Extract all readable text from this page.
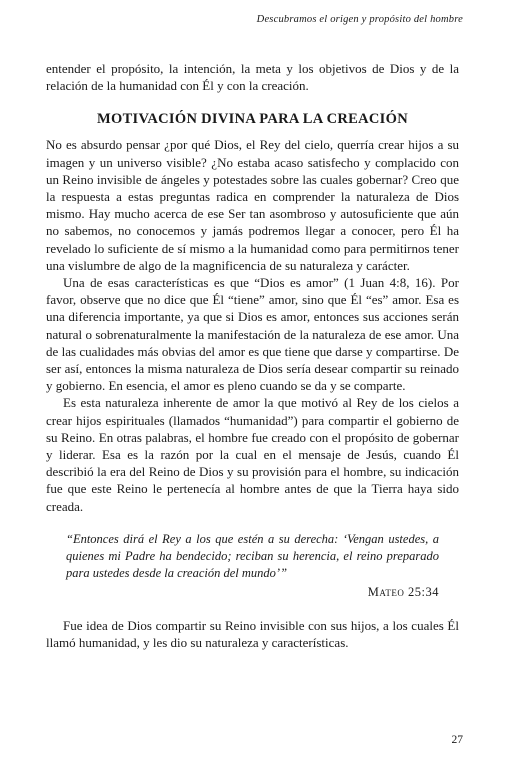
Descubramos el origen y propósito del hombre

entender el propósito, la intención, la meta y los objetivos de Dios y de la relación de la humanidad con Él y con la creación.

MOTIVACIÓN DIVINA PARA LA CREACIÓN

No es absurdo pensar ¿por qué Dios, el Rey del cielo, querría crear hijos a su imagen y un universo visible? ¿No estaba acaso satisfecho y complacido con un Reino invisible de ángeles y potestades sobre las cuales gobernar? Creo que la respuesta a estas preguntas radica en comprender la naturaleza de Dios mismo. Hay mucho acerca de ese Ser tan asombroso y autosuficiente que aún no sabemos, no conocemos y jamás podremos llegar a conocer, pero Él ha revelado lo suficiente de sí mismo a la humanidad como para permitirnos tener una vislumbre de algo de la magnificencia de su naturaleza y carácter.

Una de esas características es que “Dios es amor” (1 Juan 4:8, 16). Por favor, observe que no dice que Él “tiene” amor, sino que Él “es” amor. Esa es una diferencia importante, ya que si Dios es amor, entonces sus acciones serán natural o sobrenaturalmente la manifestación de la naturaleza de ese amor. Una de las cualidades más obvias del amor es que tiene que darse y compartirse. De ser así, entonces la misma naturaleza de Dios sería desear compartir su reinado y gobierno. En esencia, el amor es pleno cuando se da y se comparte.

Es esta naturaleza inherente de amor la que motivó al Rey de los cielos a crear hijos espirituales (llamados “humanidad”) para compartir el gobierno de su Reino. En otras palabras, el hombre fue creado con el propósito de gobernar y liderar. Esa es la razón por la cual en el mensaje de Jesús, cuando Él describió la era del Reino de Dios y su provisión para el hombre, su indicación fue que este Reino le pertenecía al hombre antes de que la Tierra haya sido creada.

“Entonces dirá el Rey a los que estén a su derecha: ‘Vengan ustedes, a quienes mi Padre ha bendecido; reciban su herencia, el reino preparado para ustedes desde la creación del mundo’”
Mateo 25:34

Fue idea de Dios compartir su Reino invisible con sus hijos, a los cuales Él llamó humanidad, y les dio su naturaleza y características.

27
